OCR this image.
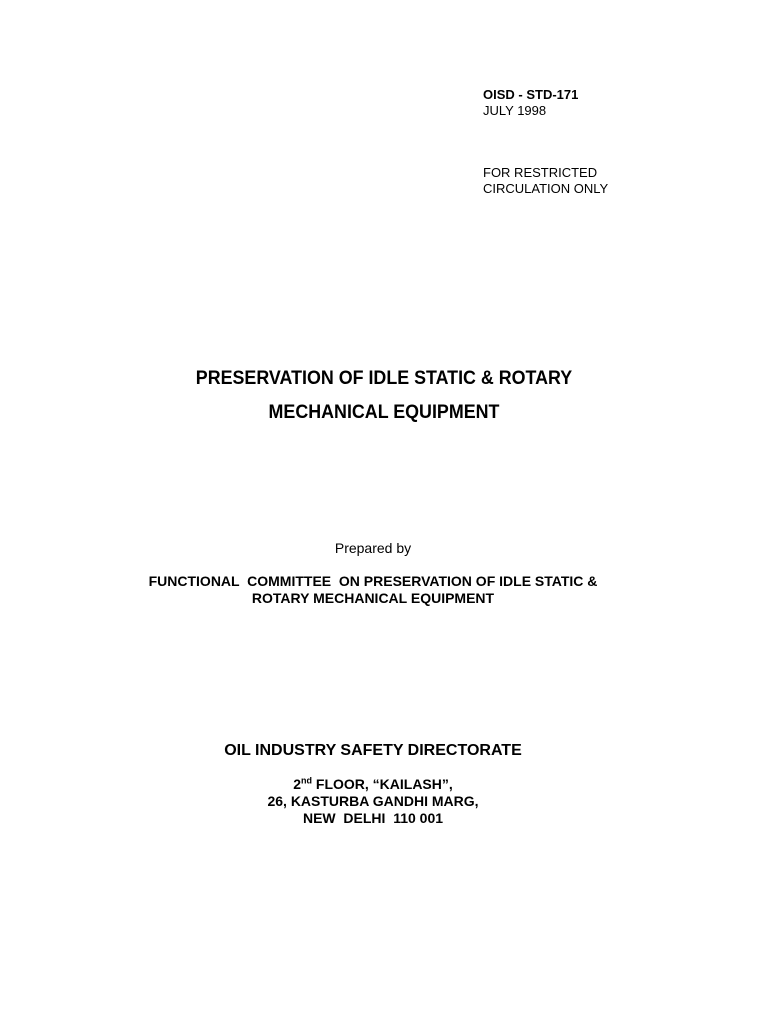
OISD - STD-171
JULY 1998
FOR RESTRICTED
CIRCULATION ONLY
PRESERVATION OF IDLE STATIC & ROTARY
MECHANICAL EQUIPMENT
Prepared by
FUNCTIONAL  COMMITTEE  ON PRESERVATION OF IDLE STATIC &
ROTARY MECHANICAL EQUIPMENT
OIL INDUSTRY SAFETY DIRECTORATE
2nd FLOOR, “KAILASH”,
26, KASTURBA GANDHI MARG,
NEW  DELHI  110 001
